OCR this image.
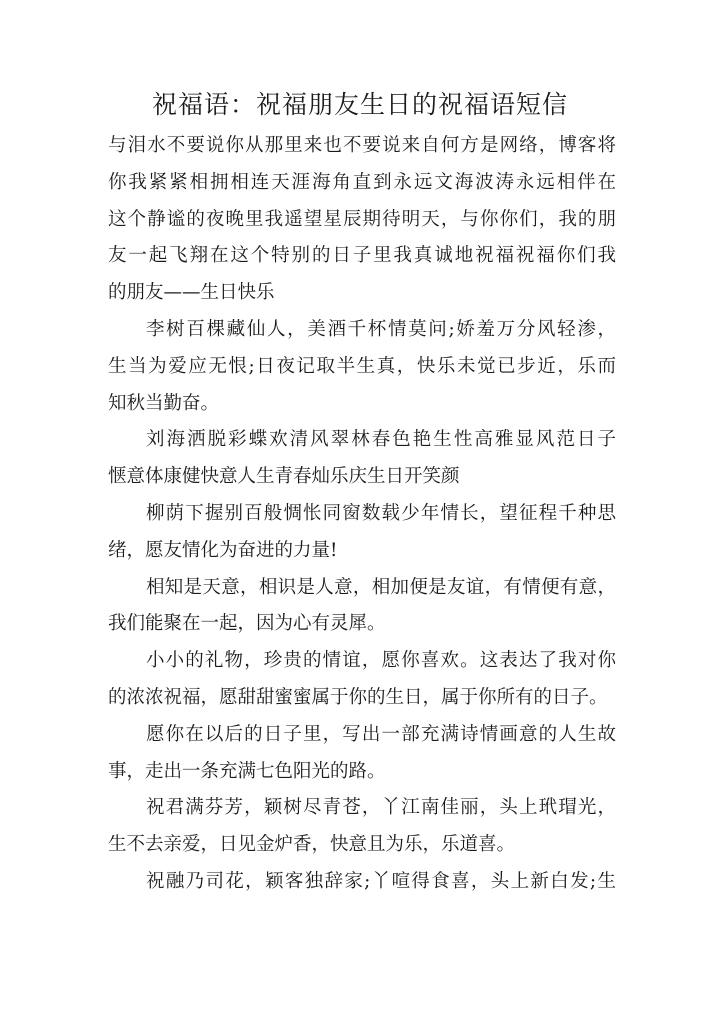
祝福语：祝福朋友生日的祝福语短信
与泪水不要说你从那里来也不要说来自何方是网络，博客将
你我紧紧相拥相连天涯海角直到永远文海波涛永远相伴在
这个静谧的夜晚里我遥望星辰期待明天，与你你们，我的朋
友一起飞翔在这个特别的日子里我真诚地祝福祝福你们我
的朋友——生日快乐
李树百棵藏仙人，美酒千杯情莫问;娇羞万分风轻渗，
生当为爱应无恨;日夜记取半生真，快乐未觉已步近，乐而
知秋当勤奋。
刘海洒脱彩蝶欢清风翠林春色艳生性高雅显风范日子
惬意体康健快意人生青春灿乐庆生日开笑颜
柳荫下握别百般惆怅同窗数载少年情长，望征程千种思
绪，愿友情化为奋进的力量!
相知是天意，相识是人意，相加便是友谊，有情便有意，
我们能聚在一起，因为心有灵犀。
小小的礼物，珍贵的情谊，愿你喜欢。这表达了我对你
的浓浓祝福，愿甜甜蜜蜜属于你的生日，属于你所有的日子。
愿你在以后的日子里，写出一部充满诗情画意的人生故
事，走出一条充满七色阳光的路。
祝君满芬芳，颖树尽青苍，丫江南佳丽，头上玳瑁光，
生不去亲爱，日见金炉香，快意且为乐，乐道喜。
祝融乃司花，颖客独辞家;丫喧得食喜，头上新白发;生
